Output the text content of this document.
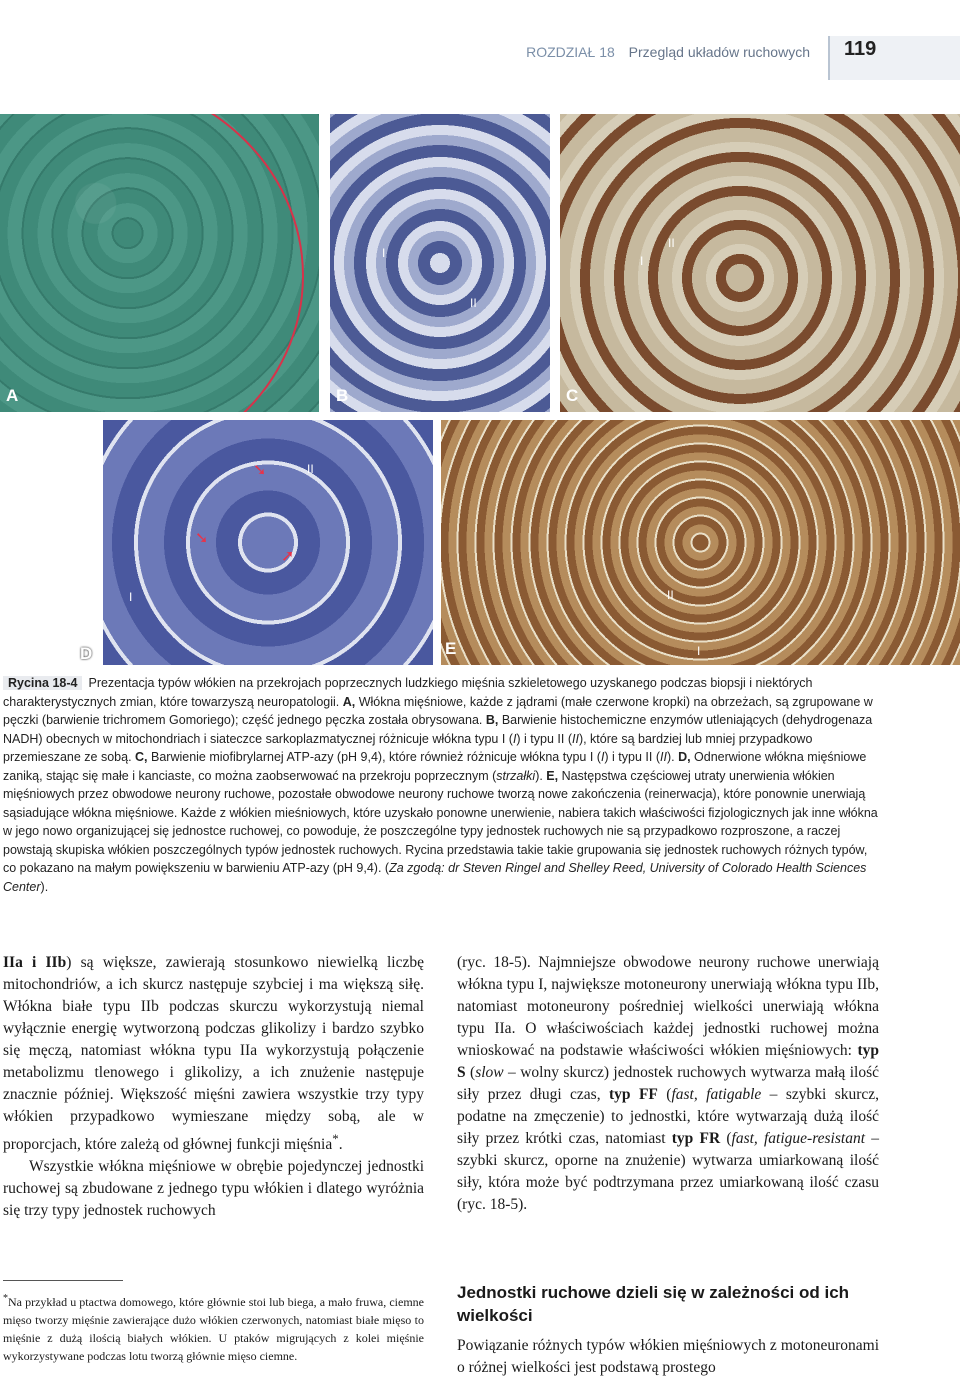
ROZDZIAŁ 18 Przegląd układów ruchowych 119
A
I
II
B
I
II
C
II
I
➘
➘
➚
D
II
I
E

Rycina 18-4 Prezentacja typów włókien na przekrojach poprzecznych ludzkiego mięśnia szkieletowego uzyskanego podczas biopsji i niektórych charakterystycznych zmian, które towarzyszą neuropatologii. A, Włókna mięśniowe, każde z jądrami (małe czerwone kropki) na obrzeżach, są zgrupowane w pęczki (barwienie trichromem Gomoriego); część jednego pęczka została obrysowana. B, Barwienie histochemiczne enzymów utleniających (dehydrogenaza NADH) obecnych w mitochondriach i siateczce sarkoplazmatycznej różnicuje włókna typu I (I) i typu II (II), które są bardziej lub mniej przypadkowo przemieszane ze sobą. C, Barwienie miofibrylarnej ATP-azy (pH 9,4), które również różnicuje włókna typu I (I) i typu II (II). D, Odnerwione włókna mięśniowe zaniką, stając się małe i kanciaste, co można zaobserwować na przekroju poprzecznym (strzałki). E, Następstwa częściowej utraty unerwienia włókien mięśniowych przez obwodowe neurony ruchowe, pozostałe obwodowe neurony ruchowe tworzą nowe zakończenia (reinerwacja), które ponownie unerwiają sąsiadujące włókna mięśniowe. Każde z włókien mieśniowych, które uzyskało ponowne unerwienie, nabiera takich właściwości fizjologicznych jak inne włókna w jego nowo organizującej się jednostce ruchowej, co powoduje, że poszczególne typy jednostek ruchowych nie są przypadkowo rozproszone, a raczej powstają skupiska włókien poszczególnych typów jednostek ruchowych. Rycina przedstawia takie takie grupowania się jednostek ruchowych różnych typów, co pokazano na małym powiększeniu w barwieniu ATP-azy (pH 9,4). (Za zgodą: dr Steven Ringel and Shelley Reed, University of Colorado Health Sciences Center).

IIa i IIb) są większe, zawierają stosunkowo niewielką liczbę mitochondriów, a ich skurcz następuje szybciej i ma większą siłę. Włókna białe typu IIb podczas skurczu wykorzystują niemal wyłącznie energię wytworzoną podczas glikolizy i bardzo szybko się męczą, natomiast włókna typu IIa wykorzystują połączenie metabolizmu tlenowego i glikolizy, a ich znużenie następuje znacznie później. Większość mięśni zawiera wszystkie trzy typy włókien przypadkowo wymieszane między sobą, ale w proporcjach, które zależą od głównej funkcji mięśnia*.

Wszystkie włókna mięśniowe w obrębie pojedynczej jednostki ruchowej są zbudowane z jednego typu włókien i dlatego wyróżnia się trzy typy jednostek ruchowych

*Na przykład u ptactwa domowego, które głównie stoi lub biega, a mało fruwa, ciemne mięso tworzy mięśnie zawierające dużo włókien czerwonych, natomiast białe mięso to mięśnie z dużą ilością białych włókien. U ptaków migrujących z kolei mięśnie wykorzystywane podczas lotu tworzą głównie mięso ciemne.

(ryc. 18-5). Najmniejsze obwodowe neurony ruchowe unerwiają włókna typu I, największe motoneurony unerwiają włókna typu IIb, natomiast motoneurony pośredniej wielkości unerwiają włókna typu IIa. O właściwościach każdej jednostki ruchowej można wnioskować na podstawie właściwości włókien mięśniowych: typ S (slow – wolny skurcz) jednostek ruchowych wytwarza małą ilość siły przez długi czas, typ FF (fast, fatigable – szybki skurcz, podatne na zmęczenie) to jednostki, które wytwarzają dużą ilość siły przez krótki czas, natomiast typ FR (fast, fatigue-resistant – szybki skurcz, oporne na znużenie) wytwarza umiarkowaną ilość siły, która może być podtrzymana przez umiarkowaną ilość czasu (ryc. 18-5).

Jednostki ruchowe dzieli się w zależności od ich wielkości

Powiązanie różnych typów włókien mięśniowych z motoneuronami o różnej wielkości jest podstawą prostego
